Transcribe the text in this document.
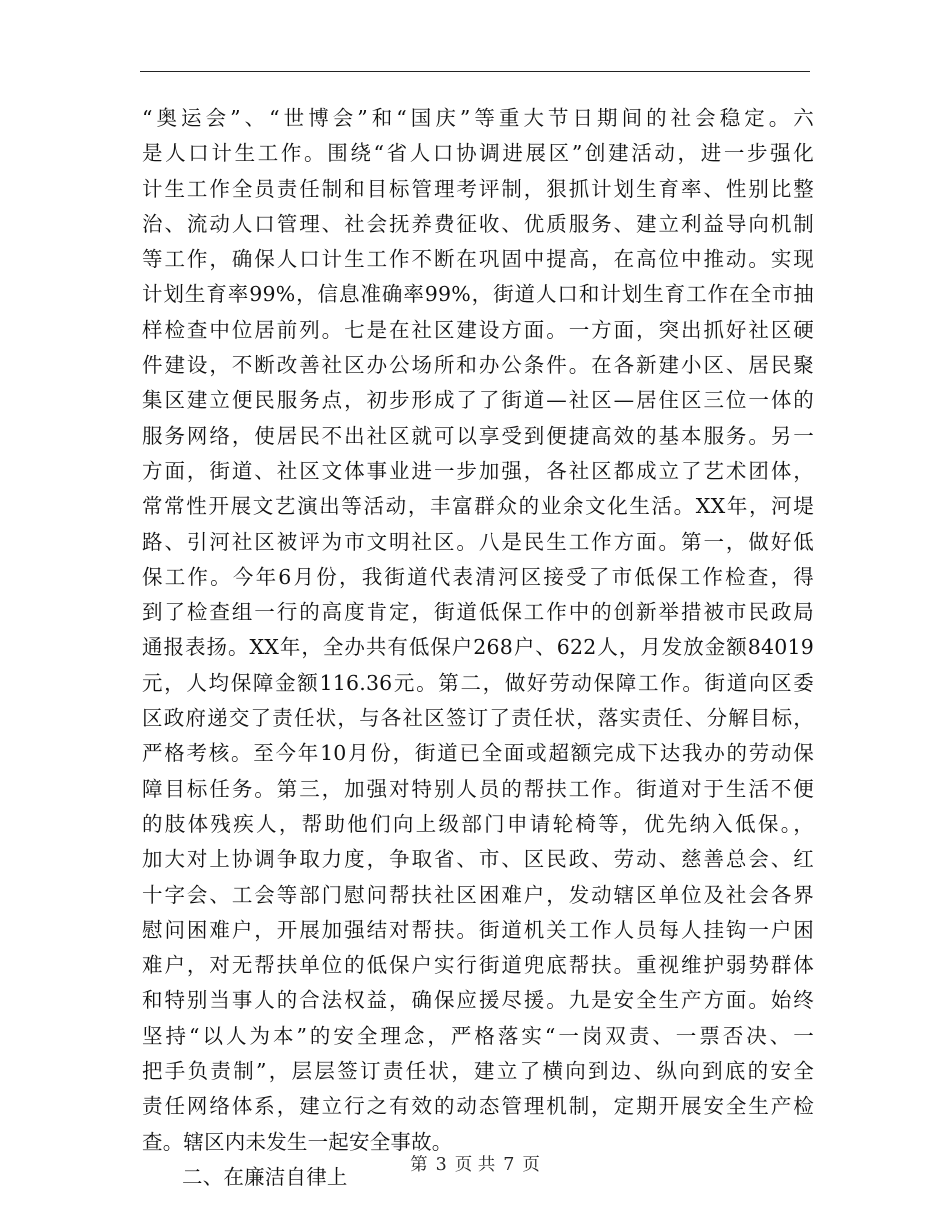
“奥运会”、“世博会”和“国庆”等重大节日期间的社会稳定。六
是人口计生工作。围绕“省人口协调进展区”创建活动，进一步强化
计生工作全员责任制和目标管理考评制，狠抓计划生育率、性别比整
治、流动人口管理、社会抚养费征收、优质服务、建立利益导向机制
等工作，确保人口计生工作不断在巩固中提高，在高位中推动。实现
计划生育率99%，信息准确率99%，街道人口和计划生育工作在全市抽
样检查中位居前列。七是在社区建设方面。一方面，突出抓好社区硬
件建设，不断改善社区办公场所和办公条件。在各新建小区、居民聚
集区建立便民服务点，初步形成了了街道—社区—居住区三位一体的
服务网络，使居民不出社区就可以享受到便捷高效的基本服务。另一
方面，街道、社区文体事业进一步加强，各社区都成立了艺术团体，
常常性开展文艺演出等活动，丰富群众的业余文化生活。XX年，河堤
路、引河社区被评为市文明社区。八是民生工作方面。第一，做好低
保工作。今年6月份，我街道代表清河区接受了市低保工作检查，得
到了检查组一行的高度肯定，街道低保工作中的创新举措被市民政局
通报表扬。XX年，全办共有低保户268户、622人，月发放金额84019
元，人均保障金额116.36元。第二，做好劳动保障工作。街道向区委
区政府递交了责任状，与各社区签订了责任状，落实责任、分解目标，
严格考核。至今年10月份，街道已全面或超额完成下达我办的劳动保
障目标任务。第三，加强对特别人员的帮扶工作。街道对于生活不便
的肢体残疾人，帮助他们向上级部门申请轮椅等，优先纳入低保。，
加大对上协调争取力度，争取省、市、区民政、劳动、慈善总会、红
十字会、工会等部门慰问帮扶社区困难户，发动辖区单位及社会各界
慰问困难户，开展加强结对帮扶。街道机关工作人员每人挂钩一户困
难户，对无帮扶单位的低保户实行街道兜底帮扶。重视维护弱势群体
和特别当事人的合法权益，确保应援尽援。九是安全生产方面。始终
坚持“以人为本”的安全理念，严格落实“一岗双责、一票否决、一
把手负责制”，层层签订责任状，建立了横向到边、纵向到底的安全
责任网络体系，建立行之有效的动态管理机制，定期开展安全生产检
查。辖区内未发生一起安全事故。
二、在廉洁自律上	第 3 页 共 7 页
